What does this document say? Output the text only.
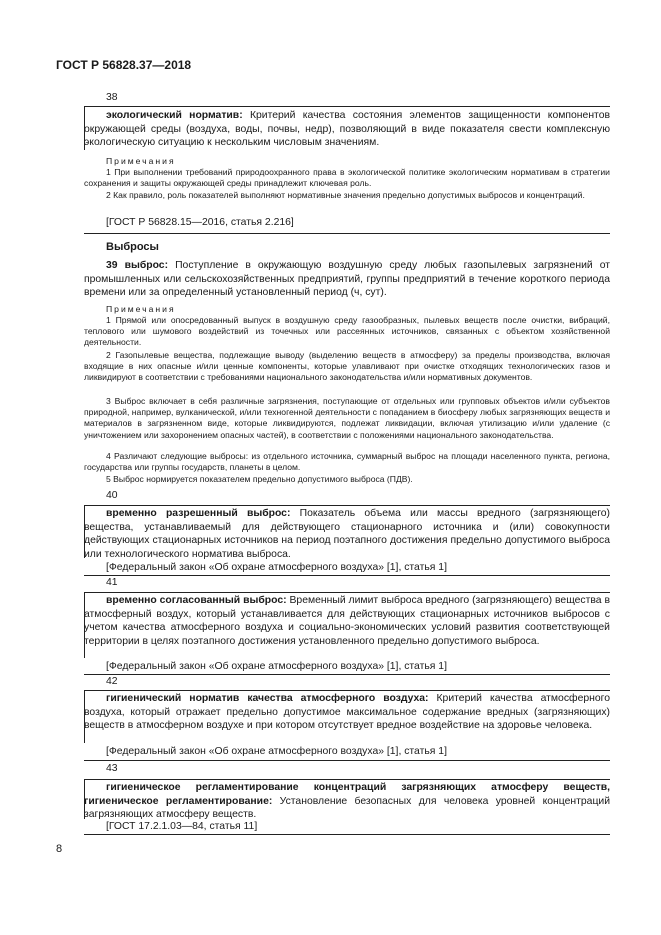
ГОСТ Р 56828.37—2018
38
экологический норматив: Критерий качества состояния элементов защищенности компонентов окружающей среды (воздуха, воды, почвы, недр), позволяющий в виде показателя свести комплексную экологическую ситуацию к нескольким числовым значениям.
Примечания
1 При выполнении требований природоохранного права в экологической политике экологическим нормативам в стратегии сохранения и защиты окружающей среды принадлежит ключевая роль.
2 Как правило, роль показателей выполняют нормативные значения предельно допустимых выбросов и концентраций.
[ГОСТ Р 56828.15—2016, статья 2.216]
Выбросы
39 выброс: Поступление в окружающую воздушную среду любых газопылевых загрязнений от промышленных или сельскохозяйственных предприятий, группы предприятий в течение короткого периода времени или за определенный установленный период (ч, сут).
Примечания
1 Прямой или опосредованный выпуск в воздушную среду газообразных, пылевых веществ после очистки, вибраций, теплового или шумового воздействий из точечных или рассеянных источников, связанных с объектом хозяйственной деятельности.
2 Газопылевые вещества, подлежащие выводу (выделению веществ в атмосферу) за пределы производства, включая входящие в них опасные и/или ценные компоненты, которые улавливают при очистке отходящих технологических газов и ликвидируют в соответствии с требованиями национального законодательства и/или нормативных документов.
3 Выброс включает в себя различные загрязнения, поступающие от отдельных или групповых объектов и/или субъектов природной, например, вулканической, и/или техногенной деятельности с попаданием в биосферу любых загрязняющих веществ и материалов в загрязненном виде, которые ликвидируются, подлежат ликвидации, включая утилизацию и/или удаление (с уничтожением или захоронением опасных частей), в соответствии с положениями национального законодательства.
4 Различают следующие выбросы: из отдельного источника, суммарный выброс на площади населенного пункта, региона, государства или группы государств, планеты в целом.
5 Выброс нормируется показателем предельно допустимого выброса (ПДВ).
40
временно разрешенный выброс: Показатель объема или массы вредного (загрязняющего) вещества, устанавливаемый для действующего стационарного источника и (или) совокупности действующих стационарных источников на период поэтапного достижения предельно допустимого выброса или технологического норматива выброса.
[Федеральный закон «Об охране атмосферного воздуха» [1], статья 1]
41
временно согласованный выброс: Временный лимит выброса вредного (загрязняющего) вещества в атмосферный воздух, который устанавливается для действующих стационарных источников выбросов с учетом качества атмосферного воздуха и социально-экономических условий развития соответствующей территории в целях поэтапного достижения установленного предельно допустимого выброса.
[Федеральный закон «Об охране атмосферного воздуха» [1], статья 1]
42
гигиенический норматив качества атмосферного воздуха: Критерий качества атмосферного воздуха, который отражает предельно допустимое максимальное содержание вредных (загрязняющих) веществ в атмосферном воздухе и при котором отсутствует вредное воздействие на здоровье человека.
[Федеральный закон «Об охране атмосферного воздуха» [1], статья 1]
43
гигиеническое регламентирование концентраций загрязняющих атмосферу веществ, гигиеническое регламентирование: Установление безопасных для человека уровней концентраций загрязняющих атмосферу веществ.
[ГОСТ 17.2.1.03—84, статья 11]
8
